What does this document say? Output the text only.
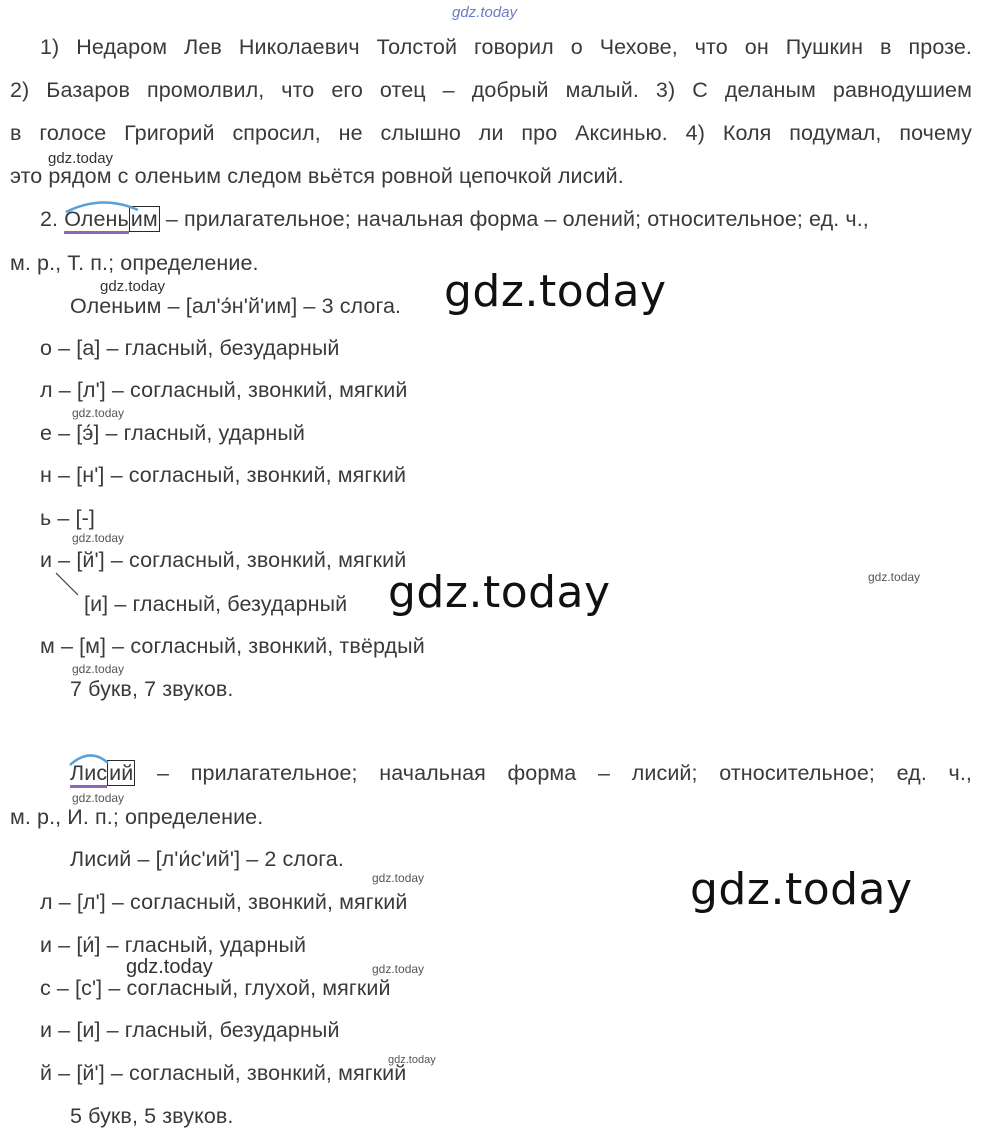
gdz.today
1) Недаром Лев Николаевич Толстой говорил о Чехове, что он Пушкин в прозе.
2) Базаров промолвил, что его отец – добрый малый. 3) С деланым равнодушием
в голосе Григорий спросил, не слышно ли про Аксинью. 4) Коля подумал, почему
это рядом с оленьим следом вьётся ровной цепочкой лисий.
gdz.today
2. Оленьим – прилагательное; начальная форма – олений; относительное; ед. ч.,
м. р., Т. п.; определение.
gdz.today
Оленьим – [ал'э́н'й'им] – 3 слога. gdz.today
о – [а] – гласный, безударный
л – [л'] – согласный, звонкий, мягкий
gdz.today
е – [э́] – гласный, ударный
н – [н'] – согласный, звонкий, мягкий
ь – [-]
gdz.today
и – [й'] – согласный, звонкий, мягкий
gdz.today
[и] – гласный, безударный gdz.today
м – [м] – согласный, звонкий, твёрдый
gdz.today
7 букв, 7 звуков.
Лисий – прилагательное; начальная форма – лисий; относительное; ед. ч.,
gdz.today
м. р., И. п.; определение.
Лисий – [л'и́с'ий'] – 2 слога.
gdz.today	gdz.today
л – [л'] – согласный, звонкий, мягкий
и – [и́] – гласный, ударный
gdz.today	gdz.today
с – [с'] – согласный, глухой, мягкий
и – [и] – гласный, безударный
gdz.today
й – [й'] – согласный, звонкий, мягкий
5 букв, 5 звуков.
